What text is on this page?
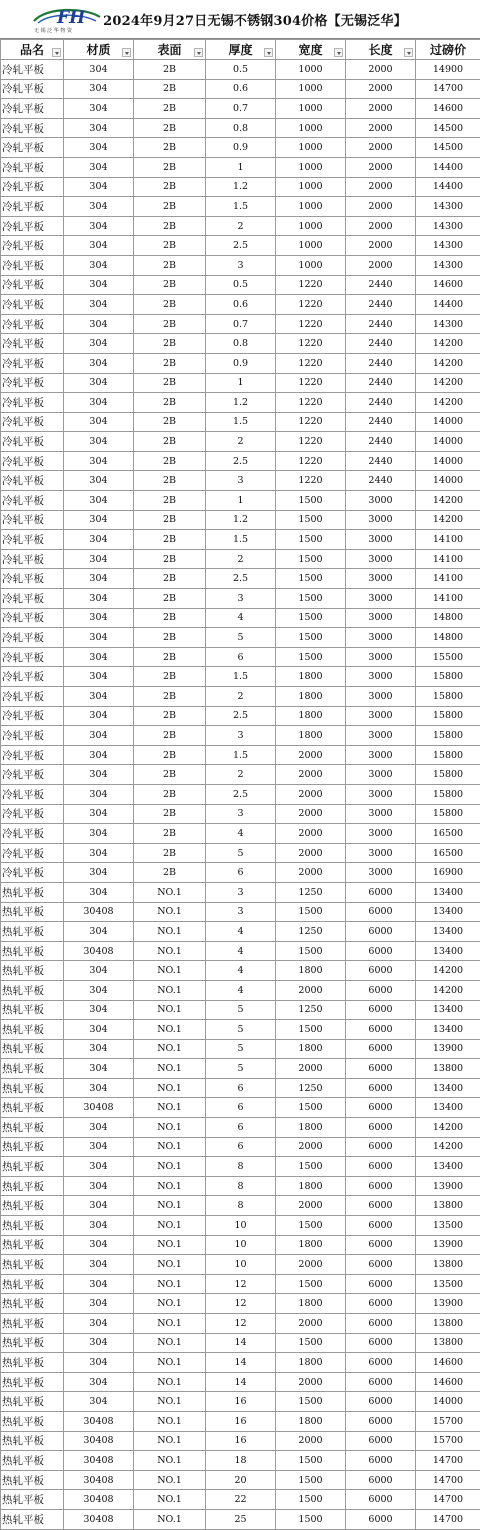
FH
无 锡 泛 华 物 资
2024年9月27日无锡不锈钢304价格【无锡泛华】
品名	材质	表面	厚度	宽度	长度	过磅价
冷轧平板	304	2B	0.5	1000	2000	14900
冷轧平板	304	2B	0.6	1000	2000	14700
冷轧平板	304	2B	0.7	1000	2000	14600
冷轧平板	304	2B	0.8	1000	2000	14500
冷轧平板	304	2B	0.9	1000	2000	14500
冷轧平板	304	2B	1	1000	2000	14400
冷轧平板	304	2B	1.2	1000	2000	14400
冷轧平板	304	2B	1.5	1000	2000	14300
冷轧平板	304	2B	2	1000	2000	14300
冷轧平板	304	2B	2.5	1000	2000	14300
冷轧平板	304	2B	3	1000	2000	14300
冷轧平板	304	2B	0.5	1220	2440	14600
冷轧平板	304	2B	0.6	1220	2440	14400
冷轧平板	304	2B	0.7	1220	2440	14300
冷轧平板	304	2B	0.8	1220	2440	14200
冷轧平板	304	2B	0.9	1220	2440	14200
冷轧平板	304	2B	1	1220	2440	14200
冷轧平板	304	2B	1.2	1220	2440	14200
冷轧平板	304	2B	1.5	1220	2440	14000
冷轧平板	304	2B	2	1220	2440	14000
冷轧平板	304	2B	2.5	1220	2440	14000
冷轧平板	304	2B	3	1220	2440	14000
冷轧平板	304	2B	1	1500	3000	14200
冷轧平板	304	2B	1.2	1500	3000	14200
冷轧平板	304	2B	1.5	1500	3000	14100
冷轧平板	304	2B	2	1500	3000	14100
冷轧平板	304	2B	2.5	1500	3000	14100
冷轧平板	304	2B	3	1500	3000	14100
冷轧平板	304	2B	4	1500	3000	14800
冷轧平板	304	2B	5	1500	3000	14800
冷轧平板	304	2B	6	1500	3000	15500
冷轧平板	304	2B	1.5	1800	3000	15800
冷轧平板	304	2B	2	1800	3000	15800
冷轧平板	304	2B	2.5	1800	3000	15800
冷轧平板	304	2B	3	1800	3000	15800
冷轧平板	304	2B	1.5	2000	3000	15800
冷轧平板	304	2B	2	2000	3000	15800
冷轧平板	304	2B	2.5	2000	3000	15800
冷轧平板	304	2B	3	2000	3000	15800
冷轧平板	304	2B	4	2000	3000	16500
冷轧平板	304	2B	5	2000	3000	16500
冷轧平板	304	2B	6	2000	3000	16900
热轧平板	304	NO.1	3	1250	6000	13400
热轧平板	30408	NO.1	3	1500	6000	13400
热轧平板	304	NO.1	4	1250	6000	13400
热轧平板	30408	NO.1	4	1500	6000	13400
热轧平板	304	NO.1	4	1800	6000	14200
热轧平板	304	NO.1	4	2000	6000	14200
热轧平板	304	NO.1	5	1250	6000	13400
热轧平板	304	NO.1	5	1500	6000	13400
热轧平板	304	NO.1	5	1800	6000	13900
热轧平板	304	NO.1	5	2000	6000	13800
热轧平板	304	NO.1	6	1250	6000	13400
热轧平板	30408	NO.1	6	1500	6000	13400
热轧平板	304	NO.1	6	1800	6000	14200
热轧平板	304	NO.1	6	2000	6000	14200
热轧平板	304	NO.1	8	1500	6000	13400
热轧平板	304	NO.1	8	1800	6000	13900
热轧平板	304	NO.1	8	2000	6000	13800
热轧平板	304	NO.1	10	1500	6000	13500
热轧平板	304	NO.1	10	1800	6000	13900
热轧平板	304	NO.1	10	2000	6000	13800
热轧平板	304	NO.1	12	1500	6000	13500
热轧平板	304	NO.1	12	1800	6000	13900
热轧平板	304	NO.1	12	2000	6000	13800
热轧平板	304	NO.1	14	1500	6000	13800
热轧平板	304	NO.1	14	1800	6000	14600
热轧平板	304	NO.1	14	2000	6000	14600
热轧平板	304	NO.1	16	1500	6000	14000
热轧平板	30408	NO.1	16	1800	6000	15700
热轧平板	30408	NO.1	16	2000	6000	15700
热轧平板	30408	NO.1	18	1500	6000	14700
热轧平板	30408	NO.1	20	1500	6000	14700
热轧平板	30408	NO.1	22	1500	6000	14700
热轧平板	30408	NO.1	25	1500	6000	14700
